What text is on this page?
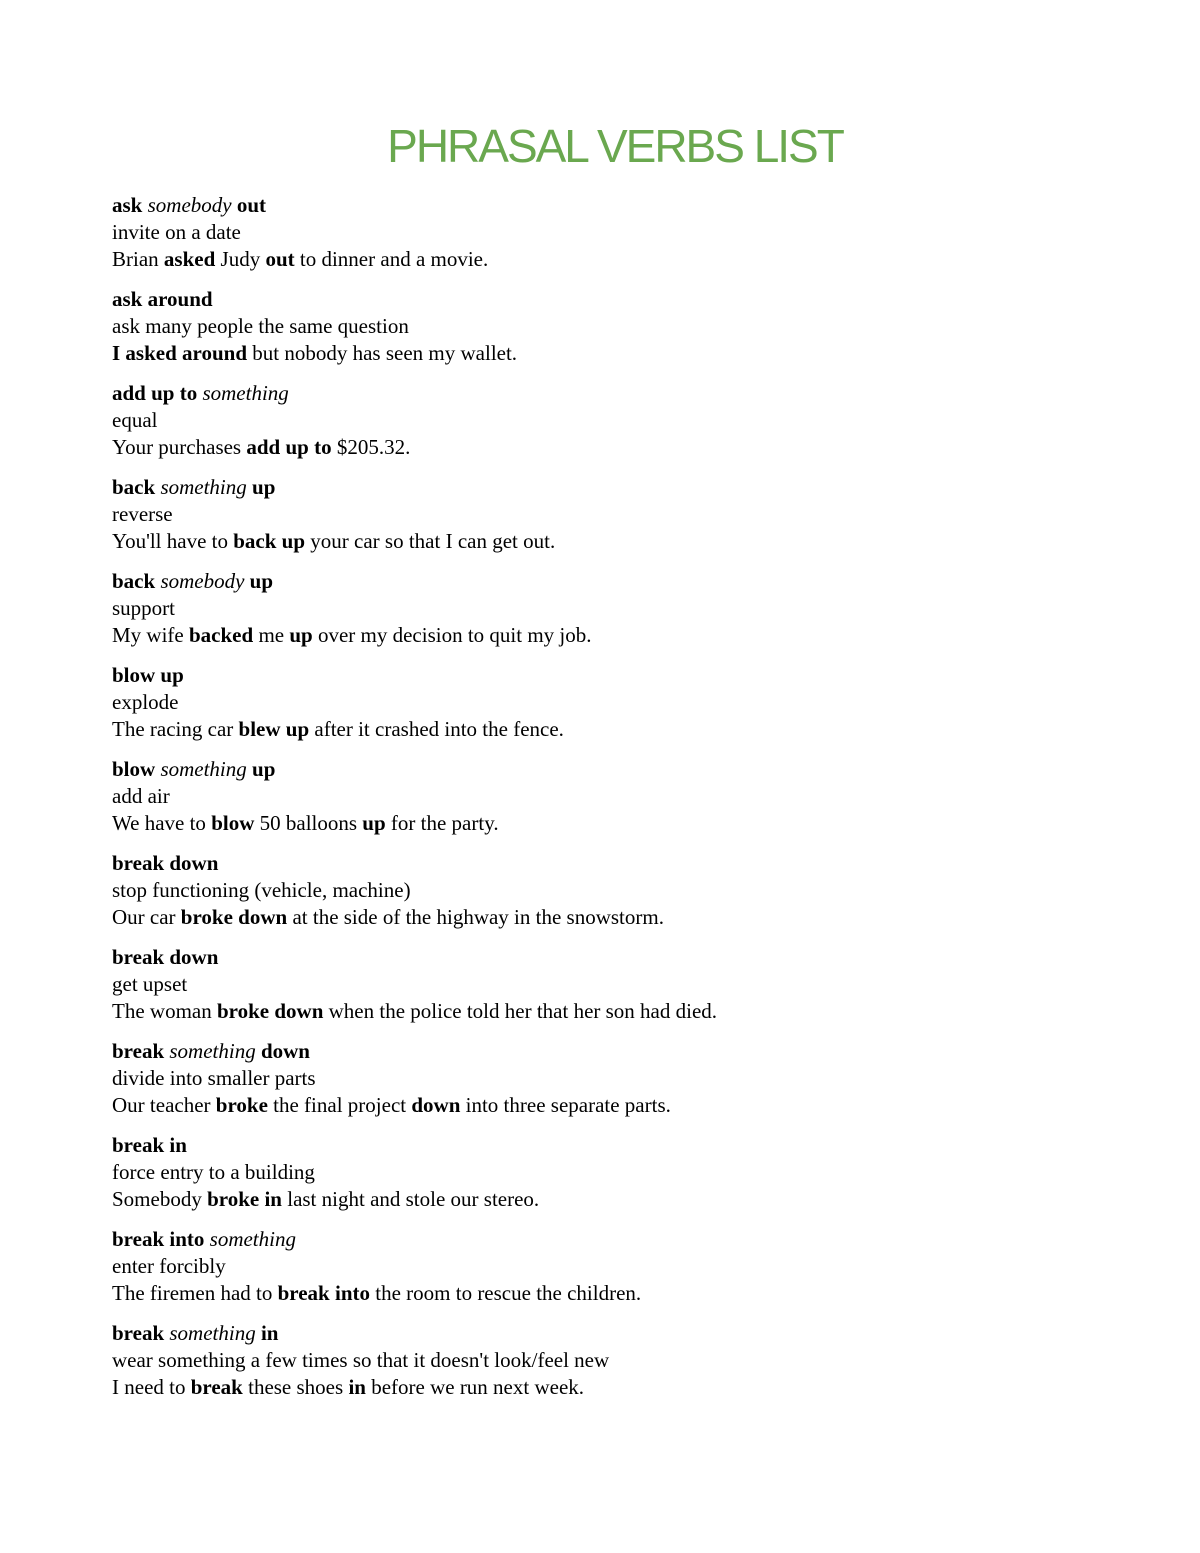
PHRASAL VERBS LIST
ask somebody out
invite on a date
Brian asked Judy out to dinner and a movie.
ask around
ask many people the same question
I asked around but nobody has seen my wallet.
add up to something
equal
Your purchases add up to $205.32.
back something up
reverse
You'll have to back up your car so that I can get out.
back somebody up
support
My wife backed me up over my decision to quit my job.
blow up
explode
The racing car blew up after it crashed into the fence.
blow something up
add air
We have to blow 50 balloons up for the party.
break down
stop functioning (vehicle, machine)
Our car broke down at the side of the highway in the snowstorm.
break down
get upset
The woman broke down when the police told her that her son had died.
break something down
divide into smaller parts
Our teacher broke the final project down into three separate parts.
break in
force entry to a building
Somebody broke in last night and stole our stereo.
break into something
enter forcibly
The firemen had to break into the room to rescue the children.
break something in
wear something a few times so that it doesn't look/feel new
I need to break these shoes in before we run next week.
